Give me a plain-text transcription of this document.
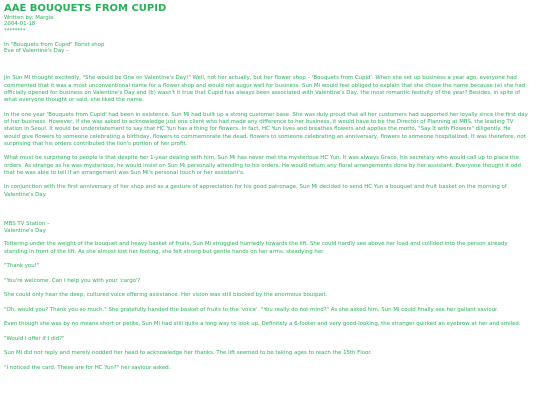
AAE BOUQUETS FROM CUPID
Written by: Margie
2004-01-18
********
In "Bouquets from Cupid" florist shop
Eve of Valentine's Day –

Jin Sun Mi thought excitedly, "She would be One on Valentine's Day!" Well, not her actually, but her flower shop – 'Bouquets from Cupid'. When she set up business a year ago, everyone had commented that it was a most unconventional name for a flower shop and would not augur well for business. Sun Mi would feel obliged to explain that she chose the name because (a) she had officially opened for business on Valentine's Day and (b) wasn't it true that Cupid has always been associated with Valentine's Day, the most romantic festivity of the year? Besides, in spite of what everyone thought or said, she liked the name.

In the one year 'Bouquets from Cupid' had been in existence, Sun Mi had built up a strong customer base. She was duly proud that all her customers had supported her loyally since the first day of her business. However, if she was asked to acknowledge just one client who had made any difference to her business, it would have to be the Director of Planning at MBS, the leading TV station in Seoul. It would be understatement to say that HC Yun has a thing for flowers. In fact, HC Yun lives and breathes flowers and applies the motto, "Say It with Flowers" diligently. He would give flowers to someone celebrating a birthday, flowers to commemorate the dead, flowers to someone celebrating an anniversary, flowers to someone hospitalized. It was therefore, not surprising that his orders contributed the lion's portion of her profit.

What must be surprising to people is that despite her 1-year dealing with him, Sun Mi has never met the mysterious HC Yun. It was always Grace, his secretary who would call up to place the orders. As strange as he was mysterious, he would insist on Sun Mi personally attending to his orders. He would return any floral arrangements done by her assistant. Everyone thought it odd that he was able to tell if an arrangement was Sun Mi's personal touch or her assistant's.

In conjunction with the first anniversary of her shop and as a gesture of appreciation for his good patronage, Sun Mi decided to send HC Yun a bouquet and fruit basket on the morning of Valentine's Day.

MBS TV Station –
Valentine's Day

Tottering under the weight of the bouquet and heavy basket of fruits, Sun Mi struggled hurriedly towards the lift. She could hardly see above her load and collided into the person already standing in front of the lift. As she almost lost her footing, she felt strong but gentle hands on her arms, steadying her.

"Thank you!"

"You're welcome. Can I help you with your 'cargo'?

She could only hear the deep, cultured voice offering assistance. Her vision was still blocked by the enormous bouquet.

"Oh, would you? Thank you so much." She gratefully handed the basket of fruits to the 'voice'. "You really do not mind?" As she asked him, Sun Mi could finally see her gallant saviour.

Even though she was by no means short or petite, Sun Mi had still quite a long way to look up. Definitely a 6-footer and very good-looking, the stranger quirked an eyebrow at her and smiled.

"Would I offer if I did?"

Sun Mi did not reply and merely nodded her head to acknowledge her thanks. The lift seemed to be taking ages to reach the 15th Floor.

"I noticed the card. These are for HC Yun?" her saviour asked.
